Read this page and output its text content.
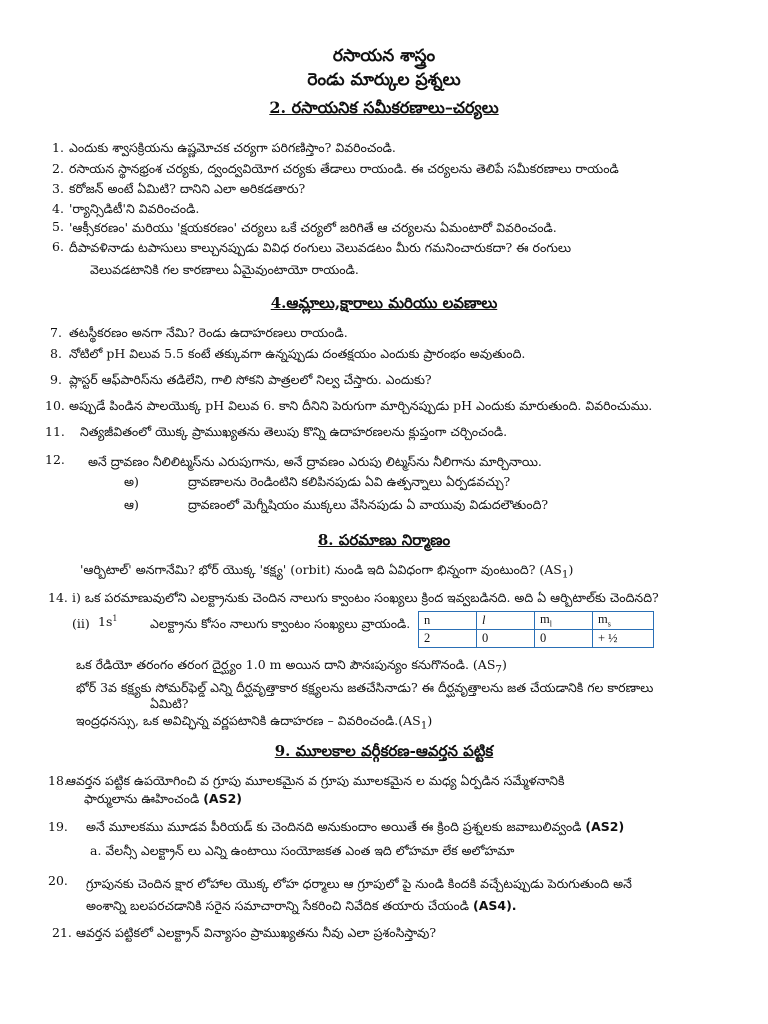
రసాయన శాస్త్రం
రెండు మార్కుల ప్రశ్నలు
2. రసాయనిక సమీకరణాలు–చర్యలు
1. ఎందుకు శ్వాసక్రియను ఉష్ణమోచక చర్యగా పరిగణిస్తాం? వివరించండి.
2. రసాయన స్థానభ్రంశ చర్యకు, ద్వంద్వవియోగ చర్యకు తేడాలు రాయండి. ఈ చర్యలను తెలిపే సమీకరణాలు రాయండి
3. కరోజన్ అంటే ఏమిటి? దానిని ఎలా అరికడతారు?
4. 'ర్యాన్సిడిటీ'ని వివరించండి.
5. 'ఆక్సీకరణం' మరియు 'క్షయకరణం' చర్యలు ఒకే చర్యలో జరిగితే ఆ చర్యలను ఏమంటారో వివరించండి.
6. దీపావళినాడు టపాసులు కాల్చునప్పుడు వివిధ రంగులు వెలువడటం మీరు గమనించారుకదా? ఈ రంగులు
వెలువడటానికి గల కారణాలు ఏమైవుంటాయో రాయండి.
4.ఆమ్లాలు,క్షారాలు మరియు లవణాలు
7. తటస్థీకరణం అనగా నేమి? రెండు ఉదాహరణలు రాయండి.
8. నోటిలో pH విలువ 5.5 కంటే తక్కువగా ఉన్నప్పుడు దంతక్షయం ఎందుకు ప్రారంభం అవుతుంది.
9. ప్లాస్టర్ ఆఫ్‌పారిస్‌ను తడిలేని, గాలి సోకని పాత్రలలో నిల్వ చేస్తారు. ఎందుకు?
10. అప్పుడే పిండిన పాలయొక్క pH విలువ 6. కాని దీనిని పెరుగుగా మార్చినప్పుడు pH ఎందుకు మారుతుంది. వివరించుము.
11. నిత్యజీవితంలో యొక్క ప్రాముఖ్యతను తెలుపు కొన్ని ఉదాహరణలను క్లుప్తంగా చర్చించండి.
12. అనే ద్రావణం నీలిలిట్మస్‌ను ఎరుపుగాను, అనే ద్రావణం ఎరుపు లిట్మస్‌ను నీలిగాను మార్చినాయి.
అ)	ద్రావణాలను రెండింటిని కలిపినపుడు ఏవి ఉత్పన్నాలు ఏర్పడవచ్చు?
ఆ)	ద్రావణంలో మెగ్నీషియం ముక్కలు వేసినపుడు ఏ వాయువు విడుదలౌతుంది?
8. పరమాణు నిర్మాణం
'ఆర్బిటాల్' అనగానేమి? భోర్ యొక్క 'కక్ష్య' (orbit) నుండి ఇది ఏవిధంగా భిన్నంగా వుంటుంది? $(AS_1)$
14. i) ఒక పరమాణువులోని ఎలక్ట్రానుకు చెందిన నాలుగు క్వాంటం సంఖ్యలు క్రింద ఇవ్వబడినది. అది ఏ ఆర్బిటాల్‌కు చెందినది?
(ii) $1s^1$	ఎలక్ట్రాను కోసం నాలుగు క్వాంటం సంఖ్యలు వ్రాయండి. n	l	$m_l$	$m_s$
2	0	0	+ ½
ఒక రేడియో తరంగం తరంగ దైర్ఘ్యం 1.0 m అయిన దాని పౌనఃపున్యం కనుగొనండి. $(AS_7)$
భోర్ 3వ కక్ష్యకు సోమర్‌ఫెల్డ్ ఎన్ని దీర్ఘవృత్తాకార కక్ష్యలను జతచేసినాడు? ఈ దీర్ఘవృత్తాలను జత చేయడానికి గల కారణాలు
ఏమిటి?
ఇంద్రధనస్సు, ఒక అవిచ్ఛిన్న వర్ణపటానికి ఉదాహరణ – $వివరించండి.(AS_1)$
9. మూలకాల వర్గీకరణ-ఆవర్తన పట్టిక
18.
ఆవర్తన పట్టిక ఉపయోగించి వ గ్రూపు మూలకమైన వ గ్రూపు మూలకమైన ల మధ్య ఏర్పడిన సమ్మేళనానికి
ఫార్ములాను ఊహించండి (AS2)
19. అనే మూలకము మూడవ పీరియడ్ కు చెందినది అనుకుందాం అయితే ఈ క్రింది ప్రశ్నలకు జవాబులివ్వండి (AS2)
a. వేలన్సీ ఎలక్ట్రాన్ లు ఎన్ని ఉంటాయి సంయోజకత ఎంత ఇది లోహమా లేక అలోహమా
20. గ్రూపునకు చెందిన క్షార లోహాల యొక్క లోహ ధర్మాలు ఆ గ్రూపులో పై నుండి కిందకి వచ్చేటప్పుడు పెరుగుతుంది అనే
అంశాన్ని బలపరచడానికి సరైన సమాచారాన్ని సేకరించి నివేదిక తయారు చేయండి (AS4).
21. ఆవర్తన పట్టికలో ఎలక్ట్రాన్ విన్యాసం ప్రాముఖ్యతను నీవు ఎలా ప్రశంసిస్తావు?
